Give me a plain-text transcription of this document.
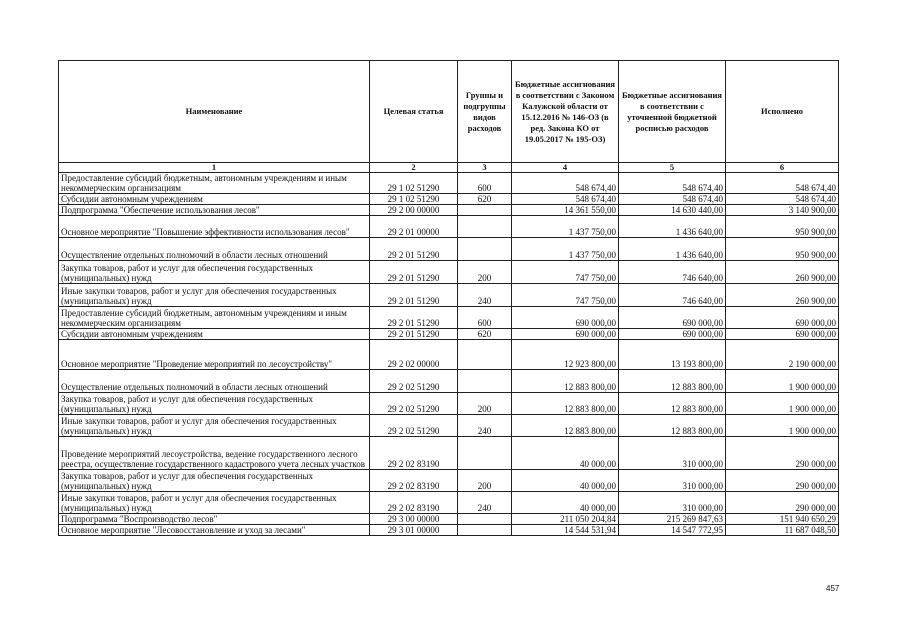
Наименование	Целевая статья	Группы и подгруппы видов расходов	Бюджетные ассигнования в соответствии с Законом Калужской области от 15.12.2016 № 146-ОЗ (в ред. Закона КО от 19.05.2017 № 195-ОЗ)	Бюджетные ассигнования в соответствии с уточненной бюджетной росписью расходов	Исполнено
1	2	3	4	5	6
Предоставление субсидий бюджетным, автономным учреждениям и иным некоммерческим организациям	29 1 02 51290	600	548 674,40	548 674,40	548 674,40
Субсидии автономным учреждениям	29 1 02 51290	620	548 674,40	548 674,40	548 674,40
Подпрограмма "Обеспечение использования лесов"	29 2 00 00000		14 361 550,00	14 630 440,00	3 140 900,00
Основное мероприятие "Повышение эффективности использования лесов"	29 2 01 00000		1 437 750,00	1 436 640,00	950 900,00
Осуществление отдельных полномочий в области лесных отношений	29 2 01 51290		1 437 750,00	1 436 640,00	950 900,00
Закупка товаров, работ и услуг для обеспечения государственных (муниципальных) нужд	29 2 01 51290	200	747 750,00	746 640,00	260 900,00
Иные закупки товаров, работ и услуг для обеспечения государственных (муниципальных) нужд	29 2 01 51290	240	747 750,00	746 640,00	260 900,00
Предоставление субсидий бюджетным, автономным учреждениям и иным некоммерческим организациям	29 2 01 51290	600	690 000,00	690 000,00	690 000,00
Субсидии автономным учреждениям	29 2 01 51290	620	690 000,00	690 000,00	690 000,00
Основное мероприятие "Проведение мероприятий по лесоустройству"	29 2 02 00000		12 923 800,00	13 193 800,00	2 190 000,00
Осуществление отдельных полномочий в области лесных отношений	29 2 02 51290		12 883 800,00	12 883 800,00	1 900 000,00
Закупка товаров, работ и услуг для обеспечения государственных (муниципальных) нужд	29 2 02 51290	200	12 883 800,00	12 883 800,00	1 900 000,00
Иные закупки товаров, работ и услуг для обеспечения государственных (муниципальных) нужд	29 2 02 51290	240	12 883 800,00	12 883 800,00	1 900 000,00
Проведение мероприятий лесоустройства, ведение государственного лесного реестра, осуществление государственного кадастрового учета лесных участков	29 2 02 83190		40 000,00	310 000,00	290 000,00
Закупка товаров, работ и услуг для обеспечения государственных (муниципальных) нужд	29 2 02 83190	200	40 000,00	310 000,00	290 000,00
Иные закупки товаров, работ и услуг для обеспечения государственных (муниципальных) нужд	29 2 02 83190	240	40 000,00	310 000,00	290 000,00
Подпрограмма "Воспроизводство лесов"	29 3 00 00000		211 050 204,84	215 269 847,63	151 940 650,29
Основное мероприятие "Лесовосстановление и уход за лесами"	29 3 01 00000		14 544 531,94	14 547 772,95	11 687 048,50
457
